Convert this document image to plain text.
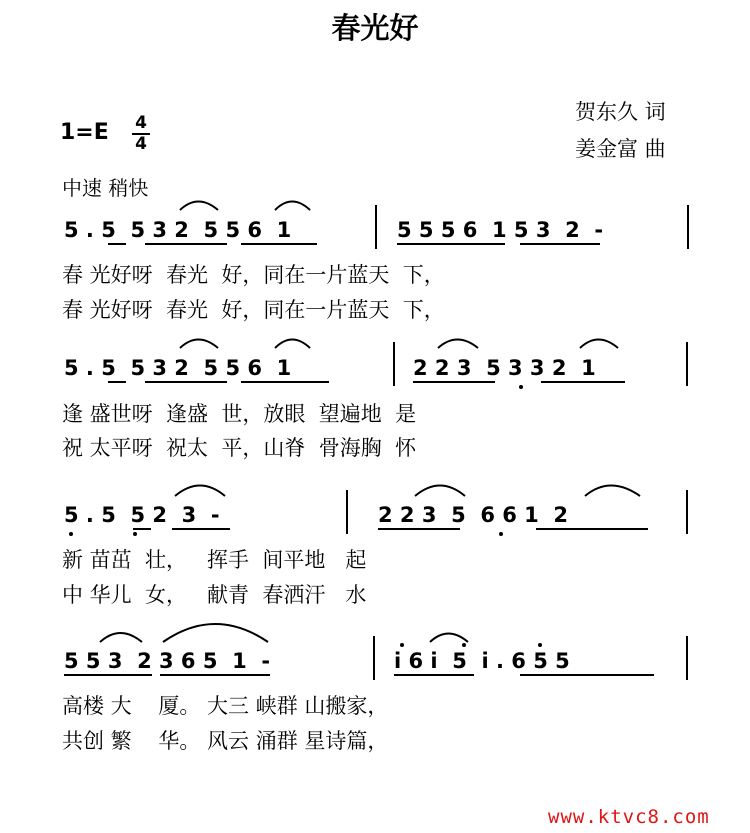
春光好
贺东久 词
姜金富 曲
1=E 4
4
中速 稍快
5 . 5  5 3 2  5 5 6  1	5 5 5 6  1 5 3  2  -
春 光好呀  春光  好，同在一片蓝天  下，
春 光好呀  春光  好，同在一片蓝天  下，
5 . 5  5 3 2  5 5 6  1	2 2 3  5 3 3 2  1
逢 盛世呀  逢盛  世，放眼  望遍地  是
祝 太平呀  祝太  平，山脊  骨海胸  怀
5 . 5  5 2  3  -	2 2 3  5  6 6 1  2
新 苗茁  壮，   挥手  间平地   起
中 华儿  女，   献青  春洒汗   水
5 5 3  2 3 6 5  1  -	i 6 i  5  i . 6 5 5
高楼 大    厦。 大三 峡群 山搬家，
共创 繁    华。 风云 涌群 星诗篇，
www.ktvc8.com
